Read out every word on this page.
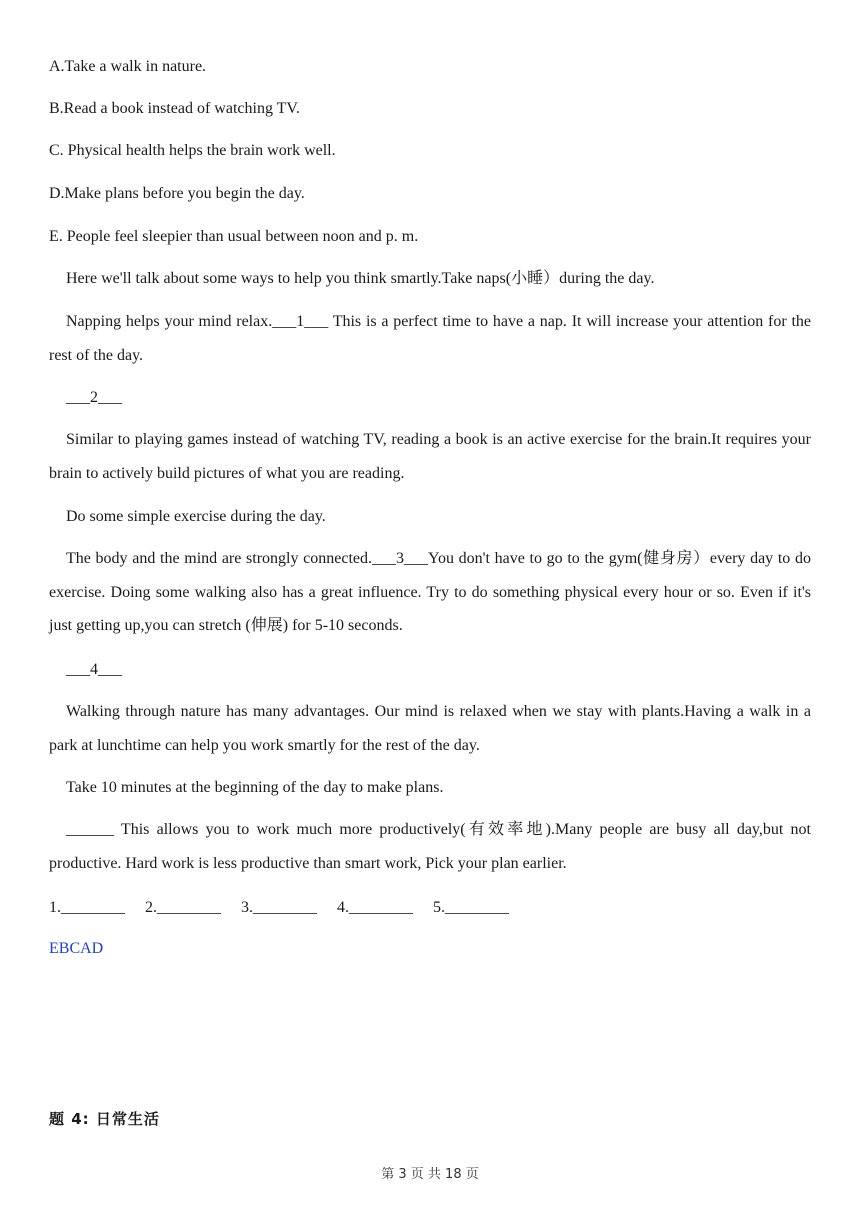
A.Take a walk in nature.
B.Read a book instead of watching TV.
C. Physical health helps the brain work well.
D.Make plans before you begin the day.
E. People feel sleepier than usual between noon and p. m.
Here we'll talk about some ways to help you think smartly.Take naps(小睡）during the day.
Napping helps your mind relax.___1___ This is a perfect time to have a nap. It will increase your attention for the rest of the day.
___2___
Similar to playing games instead of watching TV, reading a book is an active exercise for the brain.It requires your brain to actively build pictures of what you are reading.
Do some simple exercise during the day.
The body and the mind are strongly connected.___3___You don't have to go to the gym(健身房）every day to do exercise. Doing some walking also has a great influence. Try to do something physical every hour or so. Even if it's just getting up,you can stretch (伸展) for 5-10 seconds.
___4___
Walking through nature has many advantages. Our mind is relaxed when we stay with plants.Having a walk in a park at lunchtime can help you work smartly for the rest of the day.
Take 10 minutes at the beginning of the day to make plans.
______ This allows you to work much more productively(有效率地).Many people are busy all day,but not productive. Hard work is less productive than smart work, Pick your plan earlier.
1.________ 2.________ 3.________ 4.________ 5.________
EBCAD
题 4: 日常生活
第 3 页 共 18 页
